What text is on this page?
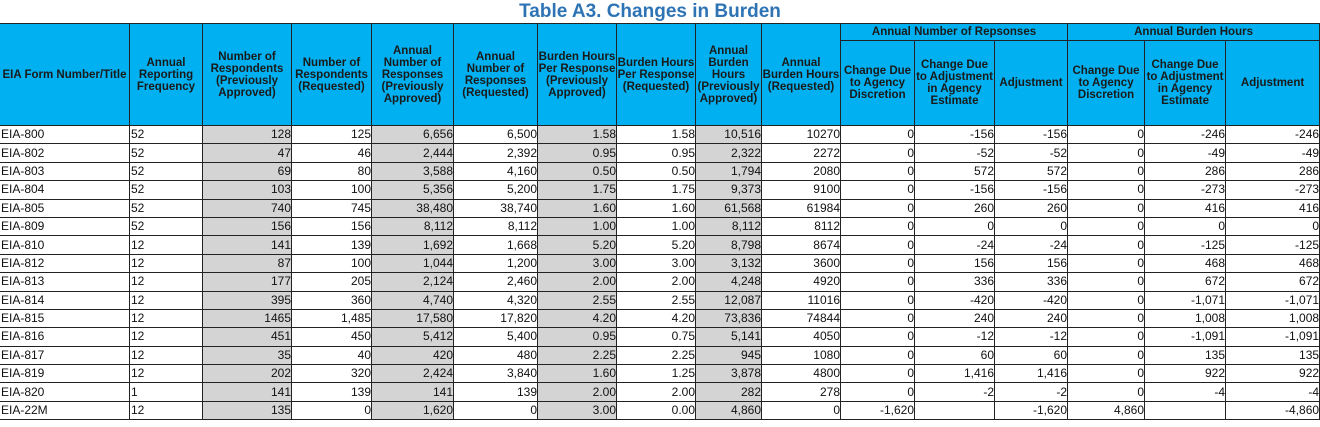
Table A3. Changes in Burden
EIA Form Number/Title	Annual Reporting Frequency	Number of Respondents (Previously Approved)	Number of Respondents (Requested)	Annual Number of Responses (Previously Approved)	Annual Number of Responses (Requested)	Burden Hours Per Response (Previously Approved)	Burden Hours Per Response (Requested)	Annual Burden Hours (Previously Approved)	Annual Burden Hours (Requested)	Annual Number of Repsonses			Annual Burden Hours		
										Change Due to Agency Discretion	Change Due to Adjustment in Agency Estimate	Adjustment	Change Due to Agency Discretion	Change Due to Adjustment in Agency Estimate	Adjustment
EIA-800	52	128	125	6,656	6,500	1.58	1.58	10,516	10270	0	-156	-156	0	-246	-246
EIA-802	52	47	46	2,444	2,392	0.95	0.95	2,322	2272	0	-52	-52	0	-49	-49
EIA-803	52	69	80	3,588	4,160	0.50	0.50	1,794	2080	0	572	572	0	286	286
EIA-804	52	103	100	5,356	5,200	1.75	1.75	9,373	9100	0	-156	-156	0	-273	-273
EIA-805	52	740	745	38,480	38,740	1.60	1.60	61,568	61984	0	260	260	0	416	416
EIA-809	52	156	156	8,112	8,112	1.00	1.00	8,112	8112	0	0	0	0	0	0
EIA-810	12	141	139	1,692	1,668	5.20	5.20	8,798	8674	0	-24	-24	0	-125	-125
EIA-812	12	87	100	1,044	1,200	3.00	3.00	3,132	3600	0	156	156	0	468	468
EIA-813	12	177	205	2,124	2,460	2.00	2.00	4,248	4920	0	336	336	0	672	672
EIA-814	12	395	360	4,740	4,320	2.55	2.55	12,087	11016	0	-420	-420	0	-1,071	-1,071
EIA-815	12	1465	1,485	17,580	17,820	4.20	4.20	73,836	74844	0	240	240	0	1,008	1,008
EIA-816	12	451	450	5,412	5,400	0.95	0.75	5,141	4050	0	-12	-12	0	-1,091	-1,091
EIA-817	12	35	40	420	480	2.25	2.25	945	1080	0	60	60	0	135	135
EIA-819	12	202	320	2,424	3,840	1.60	1.25	3,878	4800	0	1,416	1,416	0	922	922
EIA-820	1	141	139	141	139	2.00	2.00	282	278	0	-2	-2	0	-4	-4
EIA-22M	12	135	0	1,620	0	3.00	0.00	4,860	0	-1,620		-1,620	4,860		-4,860
